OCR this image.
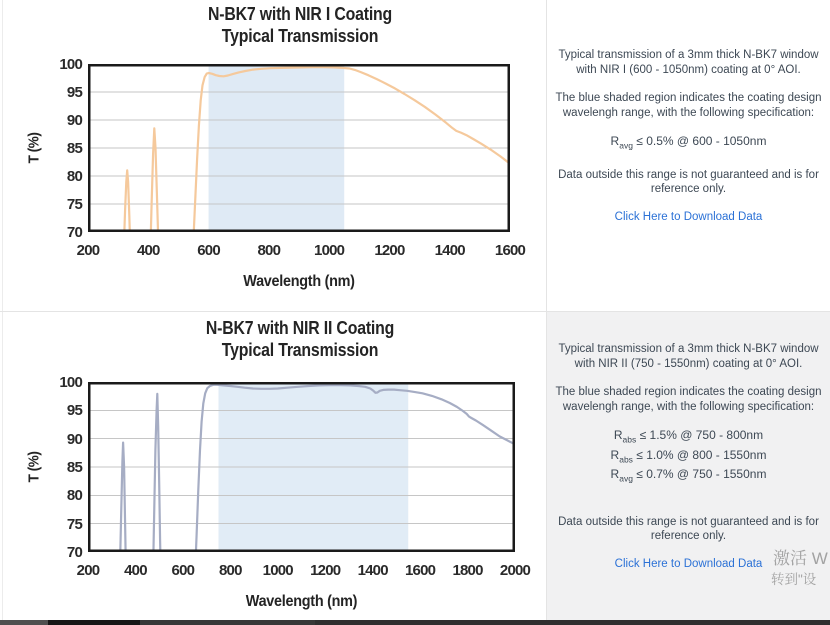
N-BK7 with NIR I Coating
Typical Transmission
T (%)
Wavelength (nm)
100
95
90
85
80
75
70
200	400	600	800	1000	1200	1400	1600

Typical transmission of a 3mm thick N-BK7 window with NIR I (600 - 1050nm) coating at 0° AOI.

The blue shaded region indicates the coating design wavelengh range, with the following specification:

$R_{avg} \le 0.5\%$ @ 600 - 1050nm

Data outside this range is not guaranteed and is for reference only.

Click Here to Download Data
N-BK7 with NIR II Coating
Typical Transmission
T (%)
Wavelength (nm)
100
95
90
85
80
75
70
200	400	600	800	1000	1200	1400	1600	1800	2000

Typical transmission of a 3mm thick N-BK7 window with NIR II (750 - 1550nm) coating at 0° AOI.

The blue shaded region indicates the coating design wavelengh range, with the following specification:

$R_{abs} \le 1.5\%$ @ 750 - 800nm
$R_{abs} \le 1.0\%$ @ 800 - 1550nm
$R_{avg} \le 0.7\%$ @ 750 - 1550nm

Data outside this range is not guaranteed and is for reference only.

Click Here to Download Data 激活 W
转到"设
